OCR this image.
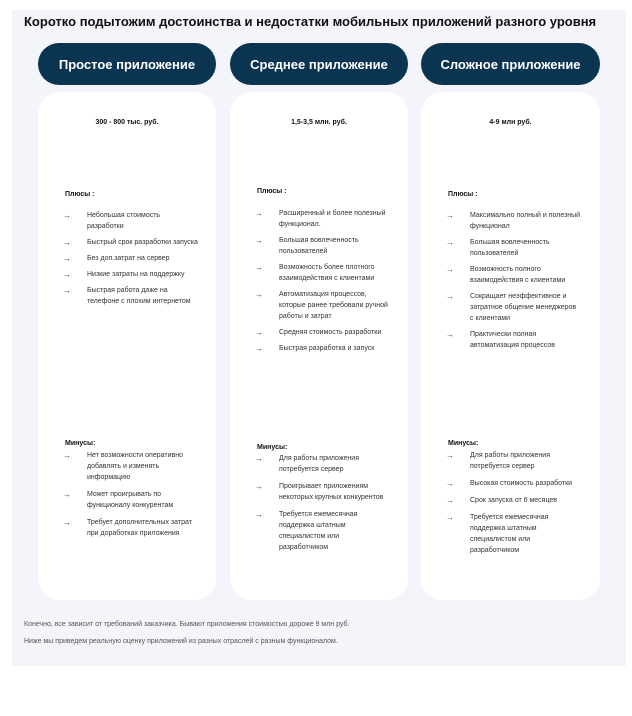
Коротко подытожим достоинства и недостатки мобильных приложений разного уровня
Простое приложение	Среднее приложение	Сложное приложение
300 - 800 тыс. руб.
Плюсы :
→	Небольшая стоимость разработки
→	Быстрый срок разработки запуска
→	Без доп.затрат на сервер
→	Низкие затраты на поддержку
→	Быстрая работа даже на телефоне с плохим интернетом
Минусы:
→	Нет возможности оперативно добавлять и изменять информацию
→	Может проигрывать по функционалу конкурентам
→	Требует дополнительных затрат при доработках приложения
1,5-3,5 млн. руб.
Плюсы :
→	Расширенный и более полезный функционал.
→	Большая вовлеченность пользователей
→	Возможность более плотного взаимодействия с клиентами
→	Автоматизация процессов, которые ранее требовали ручной работы и затрат
→	Средняя стоимость разработки
→	Быстрая разработка и запуск
Минусы:
→	Для работы приложения потребуется сервер
→	Проигрывает приложениям некоторых крупных конкурентов
→	Требуется ежемесячная поддержка штатным специалистом или разработчиком
4-9 млн руб.
Плюсы :
→	Максимально полный и полезный функционал
→	Большая вовлеченность пользователей
→	Возможность полного взаимодействия с клиентами
→	Сокращает неэффективное и затратное общение менеджеров с клиентами
→	Практически полная автоматизация процессов
Минусы:
→	Для работы приложения потребуется сервер
→	Высокая стоимость разработки
→	Срок запуска от 6 месяцев
→	Требуется ежемесячная поддержка штатным специалистом или разработчиком
Конечно, все зависит от требований заказчика. Бывают приложения стоимостью дороже 9 млн руб.
Ниже мы приведем реальную оценку приложений из разных отраслей с разным функционалом.
